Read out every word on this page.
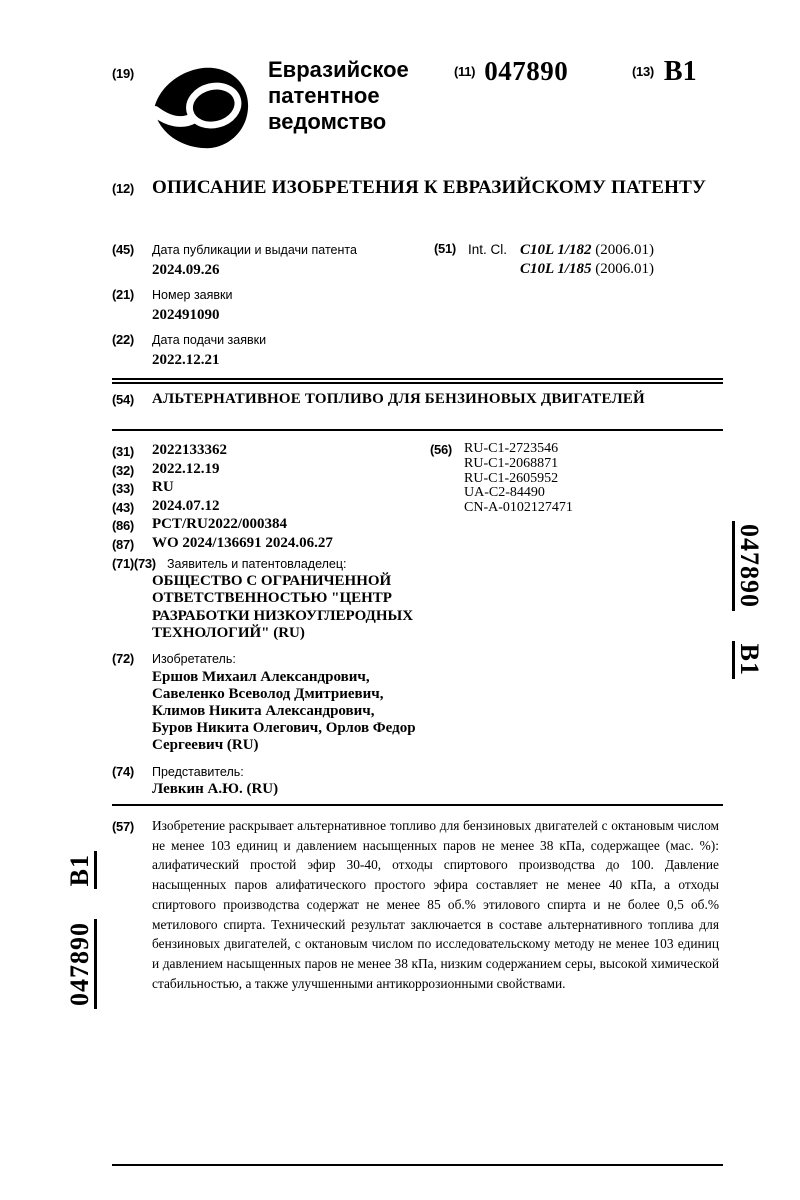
(19)	Евразийское
патентное
ведомство
(11) 047890	(13) B1
(12) ОПИСАНИЕ ИЗОБРЕТЕНИЯ К ЕВРАЗИЙСКОМУ ПАТЕНТУ
(45)	Дата публикации и выдачи патента
2024.09.26
(21)	Номер заявки
202491090
(22)	Дата подачи заявки
2022.12.21
(51) Int. Cl. C10L 1/182 (2006.01)
C10L 1/185 (2006.01)
(54)	АЛЬТЕРНАТИВНОЕ ТОПЛИВО ДЛЯ БЕНЗИНОВЫХ ДВИГАТЕЛЕЙ
(31)	2022133362
(32)	2022.12.19
(33)	RU
(43)	2024.07.12
(86)	PCT/RU2022/000384
(87)	WO 2024/136691 2024.06.27
(71)(73) Заявитель и патентовладелец:
ОБЩЕСТВО С ОГРАНИЧЕННОЙ
ОТВЕТСТВЕННОСТЬЮ "ЦЕНТР
РАЗРАБОТКИ НИЗКОУГЛЕРОДНЫХ
ТЕХНОЛОГИЙ" (RU)
(72)	Изобретатель:
Ершов Михаил Александрович,
Савеленко Всеволод Дмитриевич,
Климов Никита Александрович,
Буров Никита Олегович, Орлов Федор
Сергеевич (RU)
(74)	Представитель:
Левкин А.Ю. (RU)
(56) RU-C1-2723546
RU-C1-2068871
RU-C1-2605952
UA-C2-84490
CN-A-0102127471
(57)	Изобретение раскрывает альтернативное топливо для бензиновых двигателей с октановым числом не менее 103 единиц и давлением насыщенных паров не менее 38 кПа, содержащее (мас. %): алифатический простой эфир 30-40, отходы спиртового производства до 100. Давление насыщенных паров алифатического простого эфира составляет не менее 40 кПа, а отходы спиртового производства содержат не менее 85 об.% этилового спирта и не более 0,5 об.% метилового спирта. Технический результат заключается в составе альтернативного топлива для бензиновых двигателей, с октановым числом по исследовательскому методу не менее 103 единиц и давлением насыщенных паров не менее 38 кПа, низким содержанием серы, высокой химической стабильностью, а также улучшенными антикоррозионными свойствами.
047890
B1
047890
B1
